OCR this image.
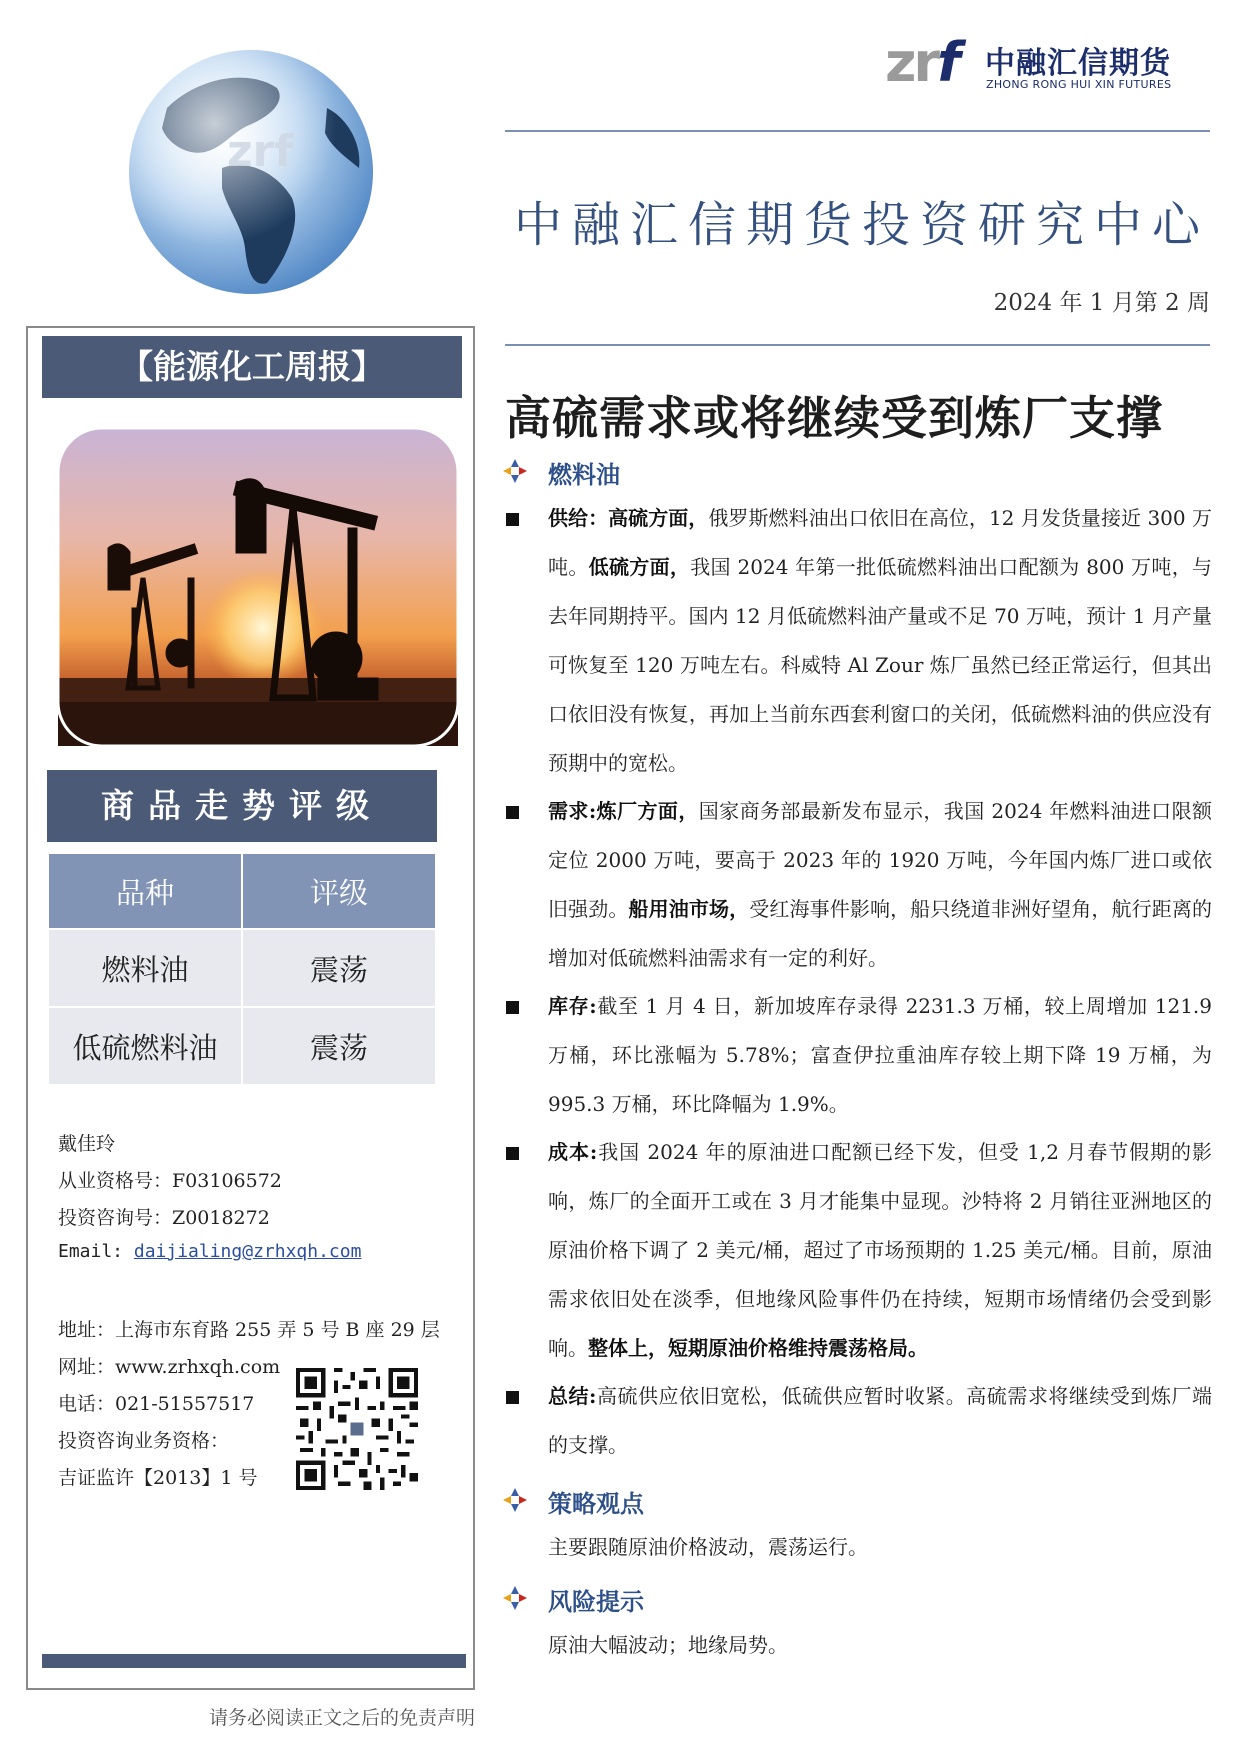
zrf 中融汇信期货
ZHONG RONG HUI XIN FUTURES
zrf
中融汇信期货投资研究中心
2024 年 1 月第 2 周
高硫需求或将继续受到炼厂支撑
【能源化工周报】
商品走势评级
品种	评级
燃料油	震荡
低硫燃料油	震荡
戴佳玲
从业资格号：F03106572
投资咨询号：Z0018272
Email: daijialing@zrhxqh.com
地址：上海市东育路 255 弄 5 号 B 座 29 层
网址：www.zrhxqh.com
电话：021-51557517
投资咨询业务资格：
吉证监许【2013】1 号
请务必阅读正文之后的免责声明
燃料油
供给：高硫方面，俄罗斯燃料油出口依旧在高位，12 月发货量接近 300 万吨。低硫方面，我国 2024 年第一批低硫燃料油出口配额为 800 万吨，与去年同期持平。国内 12 月低硫燃料油产量或不足 70 万吨，预计 1 月产量可恢复至 120 万吨左右。科威特 Al Zour 炼厂虽然已经正常运行，但其出口依旧没有恢复，再加上当前东西套利窗口的关闭，低硫燃料油的供应没有预期中的宽松。
需求:炼厂方面，国家商务部最新发布显示，我国 2024 年燃料油进口限额定位 2000 万吨，要高于 2023 年的 1920 万吨，今年国内炼厂进口或依旧强劲。船用油市场，受红海事件影响，船只绕道非洲好望角，航行距离的增加对低硫燃料油需求有一定的利好。
库存:截至 1 月 4 日，新加坡库存录得 2231.3 万桶，较上周增加 121.9 万桶，环比涨幅为 5.78%；富查伊拉重油库存较上期下降 19 万桶，为 995.3 万桶，环比降幅为 1.9%。
成本:我国 2024 年的原油进口配额已经下发，但受 1,2 月春节假期的影响，炼厂的全面开工或在 3 月才能集中显现。沙特将 2 月销往亚洲地区的原油价格下调了 2 美元/桶，超过了市场预期的 1.25 美元/桶。目前，原油需求依旧处在淡季，但地缘风险事件仍在持续，短期市场情绪仍会受到影响。整体上，短期原油价格维持震荡格局。
总结:高硫供应依旧宽松，低硫供应暂时收紧。高硫需求将继续受到炼厂端的支撑。
策略观点
主要跟随原油价格波动，震荡运行。
风险提示
原油大幅波动；地缘局势。
